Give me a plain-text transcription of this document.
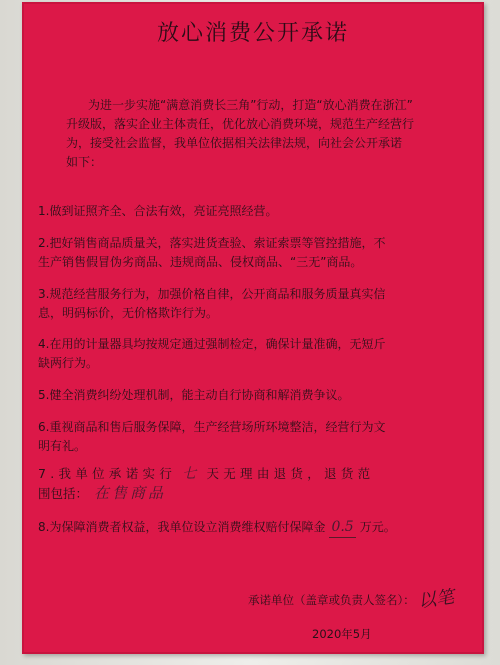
放心消费公开承诺
为进一步实施“满意消费长三角”行动，打造“放心消费在浙江”
升级版，落实企业主体责任，优化放心消费环境，规范生产经营行
为，接受社会监督，我单位依据相关法律法规，向社会公开承诺
如下：
1.做到证照齐全、合法有效，亮证亮照经营。
2.把好销售商品质量关，落实进货查验、索证索票等管控措施，不
生产销售假冒伪劣商品、违规商品、侵权商品、“三无”商品。
3.规范经营服务行为，加强价格自律，公开商品和服务质量真实信
息，明码标价，无价格欺诈行为。
4.在用的计量器具均按规定通过强制检定，确保计量准确，无短斤
缺两行为。
5.健全消费纠纷处理机制，能主动自行协商和解消费争议。
6.重视商品和售后服务保障，生产经营场所环境整洁，经营行为文
明有礼。
7.我单位承诺实行 七 天无理由退货，退货范
围包括： 在售商品
8.为保障消费者权益，我单位设立消费维权赔付保障金 0.5 万元。
承诺单位（盖章或负责人签名）： 以笔
2020年5月
